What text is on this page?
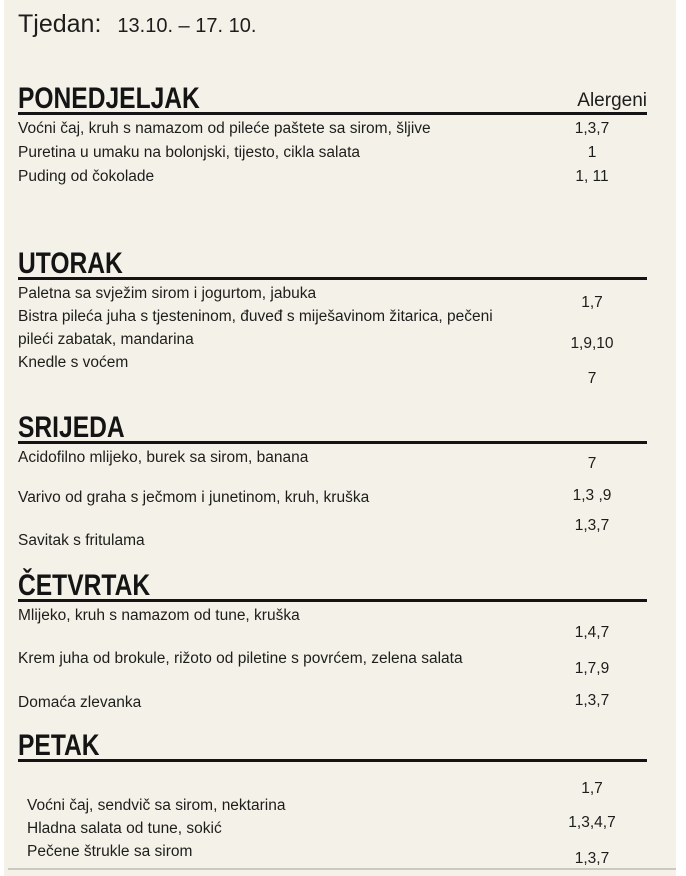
Tjedan: 13.10. – 17. 10.
PONEDJELJAK	Alergeni

Voćni čaj, kruh s namazom od pileće paštete sa sirom, šljive

Puretina u umaku na bolonjski, tijesto, cikla salata

Puding od čokolade

1,3,7

1

1, 11

UTORAK

Paletna sa svježim sirom i jogurtom, jabuka

Bistra pileća juha s tjesteninom, đuveđ s miješavinom žitarica, pečeni pileći zabatak, mandarina

Knedle s voćem

1,7

1,9,10

7

SRIJEDA

Acidofilno mlijeko, burek sa sirom, banana

Varivo od graha s ječmom i junetinom, kruh, kruška

Savitak s fritulama

7

1,3 ,9

1,3,7

ČETVRTAK

Mlijeko, kruh s namazom od tune, kruška

Krem juha od brokule, rižoto od piletine s povrćem, zelena salata

Domaća zlevanka

1,4,7

1,7,9

1,3,7

PETAK

Voćni čaj, sendvič sa sirom, nektarina

Hladna salata od tune, sokić

Pečene štrukle sa sirom

1,7

1,3,4,7

1,3,7
